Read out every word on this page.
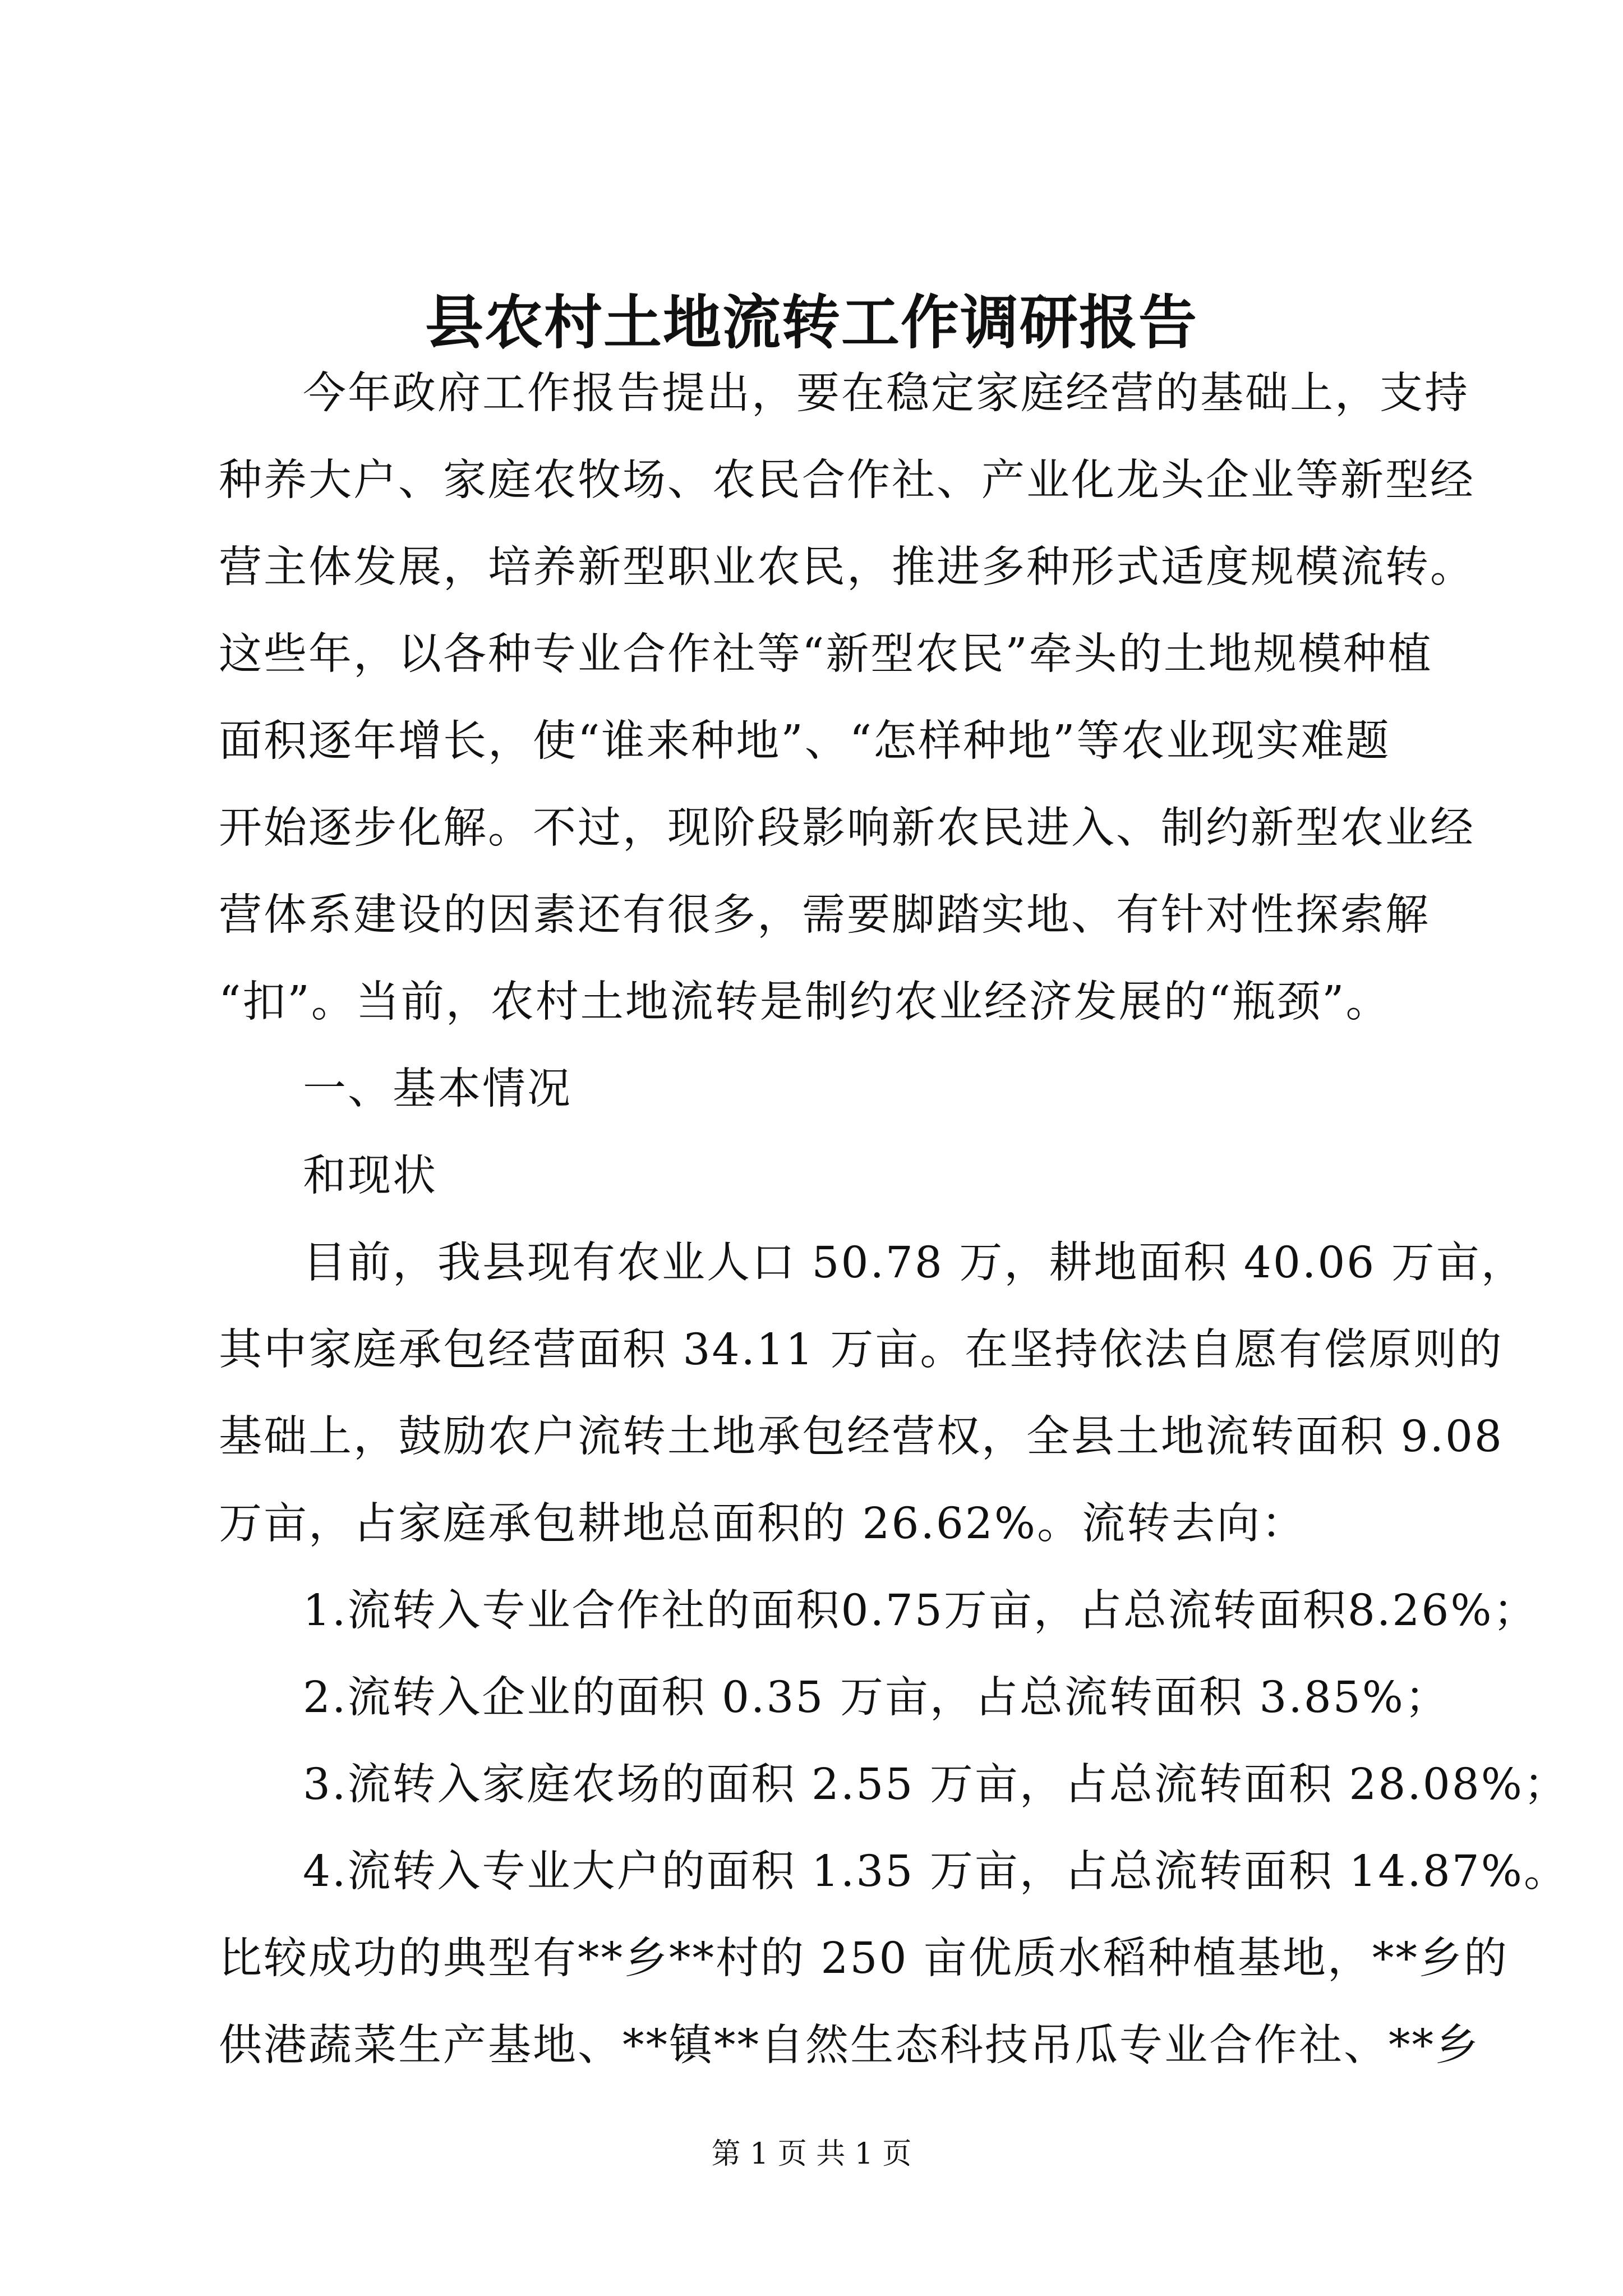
县农村土地流转工作调研报告
今年政府工作报告提出，要在稳定家庭经营的基础上，支持
种养大户、家庭农牧场、农民合作社、产业化龙头企业等新型经
营主体发展，培养新型职业农民，推进多种形式适度规模流转。
这些年，以各种专业合作社等“新型农民”牵头的土地规模种植
面积逐年增长，使“谁来种地”、“怎样种地”等农业现实难题
开始逐步化解。不过，现阶段影响新农民进入、制约新型农业经
营体系建设的因素还有很多，需要脚踏实地、有针对性探索解
“扣”。当前，农村土地流转是制约农业经济发展的“瓶颈”。
一、基本情况
和现状
目前，我县现有农业人口 50.78 万，耕地面积 40.06 万亩，
其中家庭承包经营面积 34.11 万亩。在坚持依法自愿有偿原则的
基础上，鼓励农户流转土地承包经营权，全县土地流转面积 9.08
万亩，占家庭承包耕地总面积的 26.62%。流转去向：
1.流转入专业合作社的面积0.75万亩，占总流转面积8.26%；
2.流转入企业的面积 0.35 万亩，占总流转面积 3.85%；
3.流转入家庭农场的面积 2.55 万亩，占总流转面积 28.08%；
4.流转入专业大户的面积 1.35 万亩，占总流转面积 14.87%。
比较成功的典型有**乡**村的 250 亩优质水稻种植基地，**乡的
供港蔬菜生产基地、**镇**自然生态科技吊瓜专业合作社、**乡
第 1 页 共 1 页
